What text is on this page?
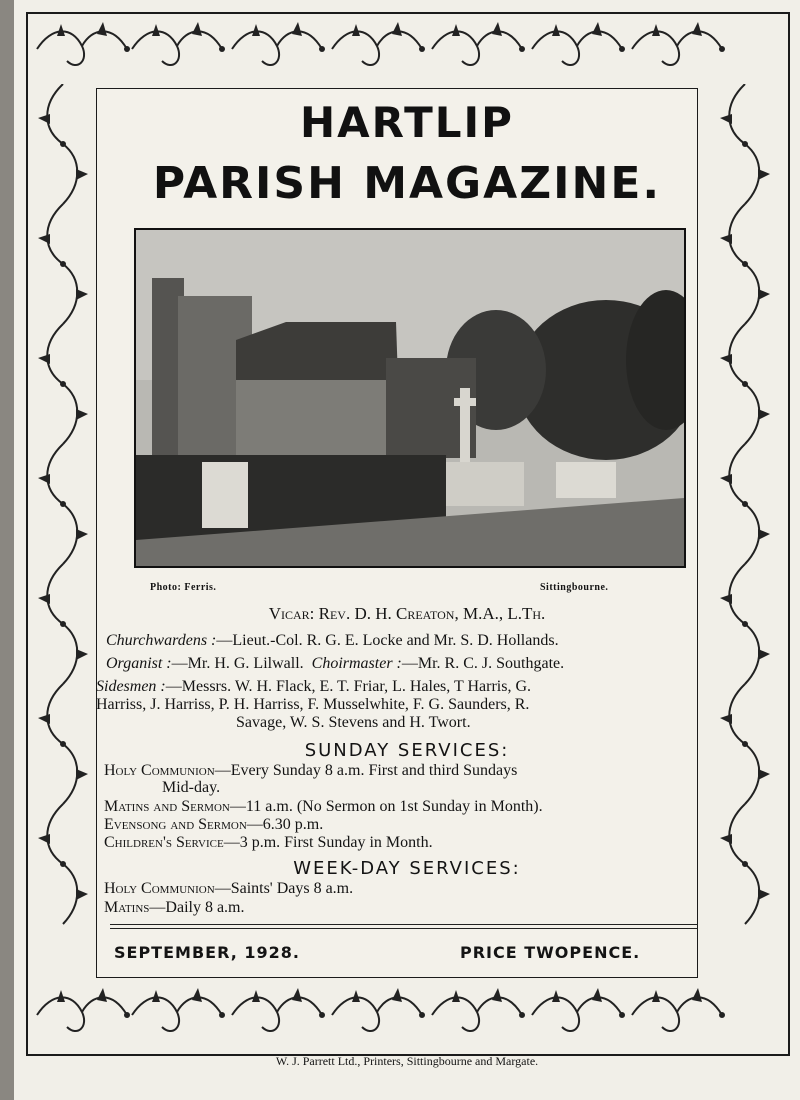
HARTLIP
PARISH MAGAZINE.
Photo: Ferris.	Sittingbourne.
Vicar: Rev. D. H. Creaton, M.A., L.Th.
Churchwardens :—Lieut.-Col. R. G. E. Locke and Mr. S. D. Hollands.
Organist :—Mr. H. G. Lilwall. Choirmaster :—Mr. R. C. J. Southgate.
Sidesmen :—Messrs. W. H. Flack, E. T. Friar, L. Hales, T Harris, G.
Harriss, J. Harriss, P. H. Harriss, F. Musselwhite, F. G. Saunders, R.
Savage, W. S. Stevens and H. Twort.
SUNDAY SERVICES:
Holy Communion—Every Sunday 8 a.m. First and third Sundays
Mid-day.
Matins and Sermon—11 a.m. (No Sermon on 1st Sunday in Month).
Evensong and Sermon—6.30 p.m.
Children's Service—3 p.m. First Sunday in Month.
WEEK-DAY SERVICES:
Holy Communion—Saints' Days 8 a.m.
Matins—Daily 8 a.m.
SEPTEMBER, 1928.	PRICE TWOPENCE.
W. J. Parrett Ltd., Printers, Sittingbourne and Margate.
